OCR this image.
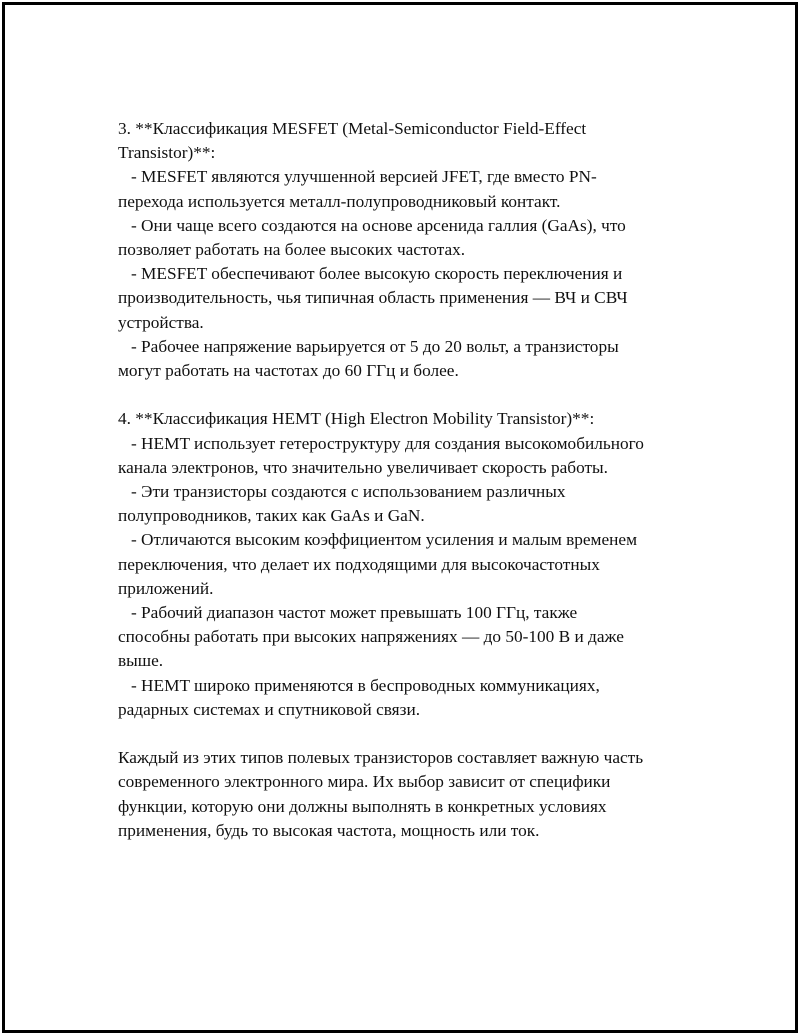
3. **Классификация MESFET (Metal-Semiconductor Field-Effect
Transistor)**:
- MESFET являются улучшенной версией JFET, где вместо PN-
перехода используется металл-полупроводниковый контакт.
- Они чаще всего создаются на основе арсенида галлия (GaAs), что
позволяет работать на более высоких частотах.
- MESFET обеспечивают более высокую скорость переключения и
производительность, чья типичная область применения — ВЧ и СВЧ
устройства.
- Рабочее напряжение варьируется от 5 до 20 вольт, а транзисторы
могут работать на частотах до 60 ГГц и более.
4. **Классификация HEMT (High Electron Mobility Transistor)**:
- HEMT использует гетероструктуру для создания высокомобильного
канала электронов, что значительно увеличивает скорость работы.
- Эти транзисторы создаются с использованием различных
полупроводников, таких как GaAs и GaN.
- Отличаются высоким коэффициентом усиления и малым временем
переключения, что делает их подходящими для высокочастотных
приложений.
- Рабочий диапазон частот может превышать 100 ГГц, также
способны работать при высоких напряжениях — до 50-100 В и даже
выше.
- HEMT широко применяются в беспроводных коммуникациях,
радарных системах и спутниковой связи.
Каждый из этих типов полевых транзисторов составляет важную часть
современного электронного мира. Их выбор зависит от специфики
функции, которую они должны выполнять в конкретных условиях
применения, будь то высокая частота, мощность или ток.
